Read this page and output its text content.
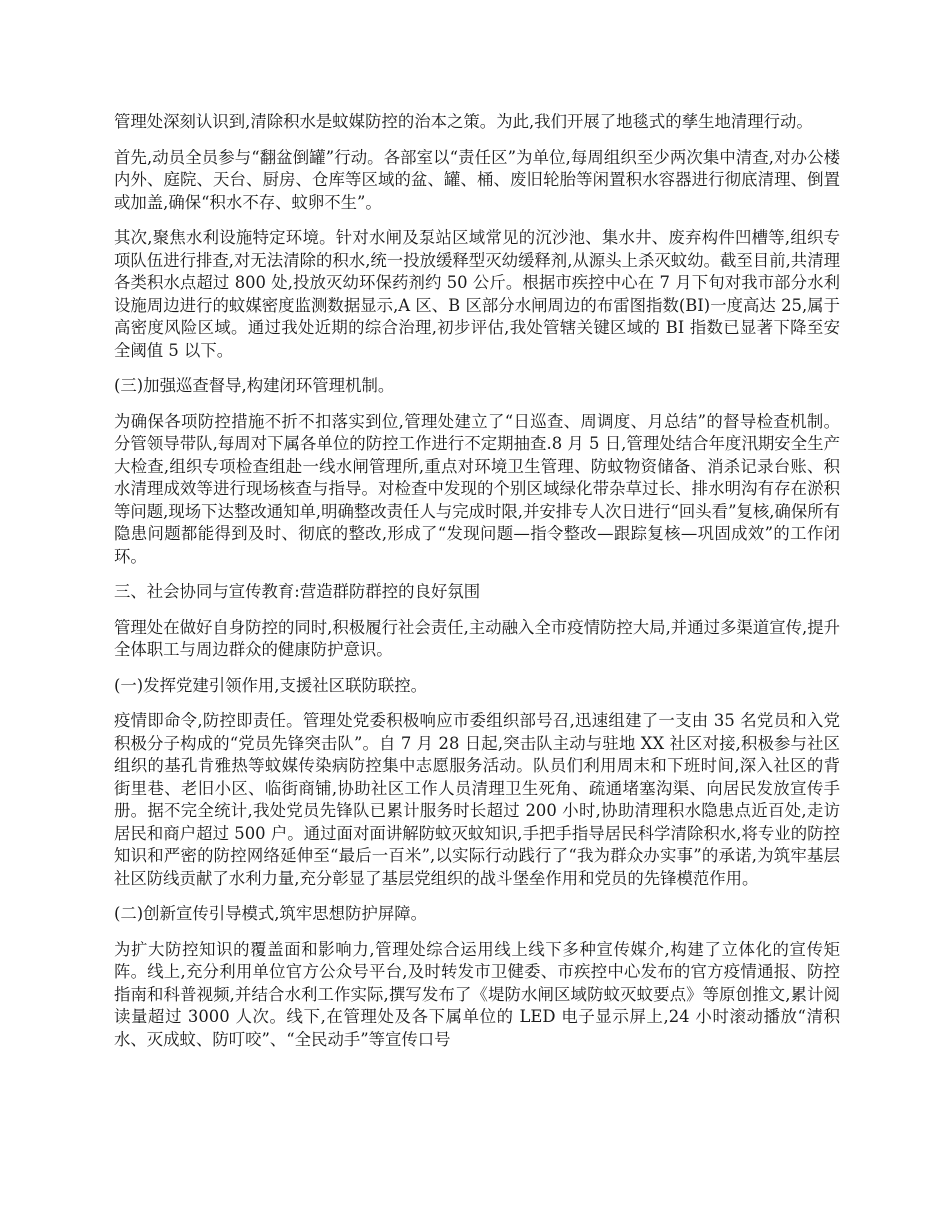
管理处深刻认识到,清除积水是蚊媒防控的治本之策。为此,我们开展了地毯式的孳生地清理行动。

首先,动员全员参与“翻盆倒罐”行动。各部室以“责任区”为单位,每周组织至少两次集中清查,对办公楼内外、庭院、天台、厨房、仓库等区域的盆、罐、桶、废旧轮胎等闲置积水容器进行彻底清理、倒置或加盖,确保“积水不存、蚊卵不生”。

其次,聚焦水利设施特定环境。针对水闸及泵站区域常见的沉沙池、集水井、废弃构件凹槽等,组织专项队伍进行排查,对无法清除的积水,统一投放缓释型灭幼缓释剂,从源头上杀灭蚊幼。截至目前,共清理各类积水点超过 800 处,投放灭幼环保药剂约 50 公斤。根据市疾控中心在 7 月下旬对我市部分水利设施周边进行的蚊媒密度监测数据显示,A 区、B 区部分水闸周边的布雷图指数(BI)一度高达 25,属于高密度风险区域。通过我处近期的综合治理,初步评估,我处管辖关键区域的 BI 指数已显著下降至安全阈值 5 以下。

(三)加强巡查督导,构建闭环管理机制。

为确保各项防控措施不折不扣落实到位,管理处建立了“日巡查、周调度、月总结”的督导检查机制。分管领导带队,每周对下属各单位的防控工作进行不定期抽查.8 月 5 日,管理处结合年度汛期安全生产大检查,组织专项检查组赴一线水闸管理所,重点对环境卫生管理、防蚊物资储备、消杀记录台账、积水清理成效等进行现场核查与指导。对检查中发现的个别区域绿化带杂草过长、排水明沟有存在淤积等问题,现场下达整改通知单,明确整改责任人与完成时限,并安排专人次日进行“回头看”复核,确保所有隐患问题都能得到及时、彻底的整改,形成了“发现问题—指令整改—跟踪复核—巩固成效”的工作闭环。

三、社会协同与宣传教育:营造群防群控的良好氛围

管理处在做好自身防控的同时,积极履行社会责任,主动融入全市疫情防控大局,并通过多渠道宣传,提升全体职工与周边群众的健康防护意识。

(一)发挥党建引领作用,支援社区联防联控。

疫情即命令,防控即责任。管理处党委积极响应市委组织部号召,迅速组建了一支由 35 名党员和入党积极分子构成的“党员先锋突击队”。自 7 月 28 日起,突击队主动与驻地 XX 社区对接,积极参与社区组织的基孔肯雅热等蚊媒传染病防控集中志愿服务活动。队员们利用周末和下班时间,深入社区的背街里巷、老旧小区、临街商铺,协助社区工作人员清理卫生死角、疏通堵塞沟渠、向居民发放宣传手册。据不完全统计,我处党员先锋队已累计服务时长超过 200 小时,协助清理积水隐患点近百处,走访居民和商户超过 500 户。通过面对面讲解防蚊灭蚊知识,手把手指导居民科学清除积水,将专业的防控知识和严密的防控网络延伸至“最后一百米”,以实际行动践行了“我为群众办实事”的承诺,为筑牢基层社区防线贡献了水利力量,充分彰显了基层党组织的战斗堡垒作用和党员的先锋模范作用。

(二)创新宣传引导模式,筑牢思想防护屏障。

为扩大防控知识的覆盖面和影响力,管理处综合运用线上线下多种宣传媒介,构建了立体化的宣传矩阵。线上,充分利用单位官方公众号平台,及时转发市卫健委、市疾控中心发布的官方疫情通报、防控指南和科普视频,并结合水利工作实际,撰写发布了《堤防水闸区域防蚊灭蚊要点》等原创推文,累计阅读量超过 3000 人次。线下,在管理处及各下属单位的 LED 电子显示屏上,24 小时滚动播放“清积水、灭成蚊、防叮咬”、“全民动手”等宣传口号
